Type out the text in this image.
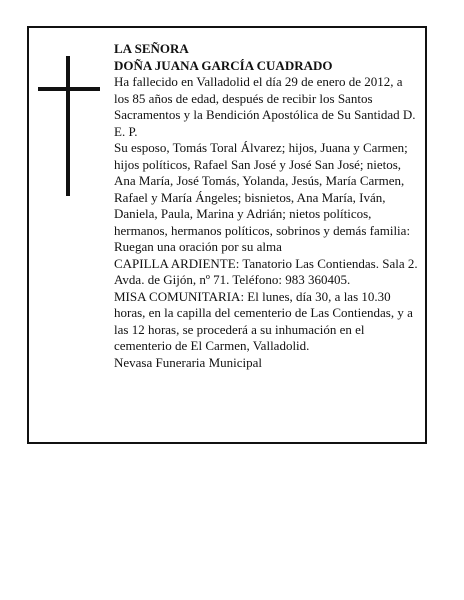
LA SEÑORA

DOÑA JUANA GARCÍA CUADRADO

Ha fallecido en Valladolid el día 29 de enero de 2012, a los 85 años de edad, después de recibir los Santos Sacramentos y la Bendición Apostólica de Su Santidad D. E. P.

Su esposo, Tomás Toral Álvarez; hijos, Juana y Carmen; hijos políticos, Rafael San José y José San José; nietos, Ana María, José Tomás, Yolanda, Jesús, María Carmen, Rafael y María Ángeles; bisnietos, Ana María, Iván, Daniela, Paula, Marina y Adrián; nietos políticos, hermanos, hermanos políticos, sobrinos y demás familia:

Ruegan una oración por su alma

CAPILLA ARDIENTE: Tanatorio Las Contiendas. Sala 2. Avda. de Gijón, nº 71. Teléfono: 983 360405.

MISA COMUNITARIA: El lunes, día 30, a las 10.30 horas, en la capilla del cementerio de Las Contiendas, y a las 12 horas, se procederá a su inhumación en el cementerio de El Carmen, Valladolid.

Nevasa Funeraria Municipal
